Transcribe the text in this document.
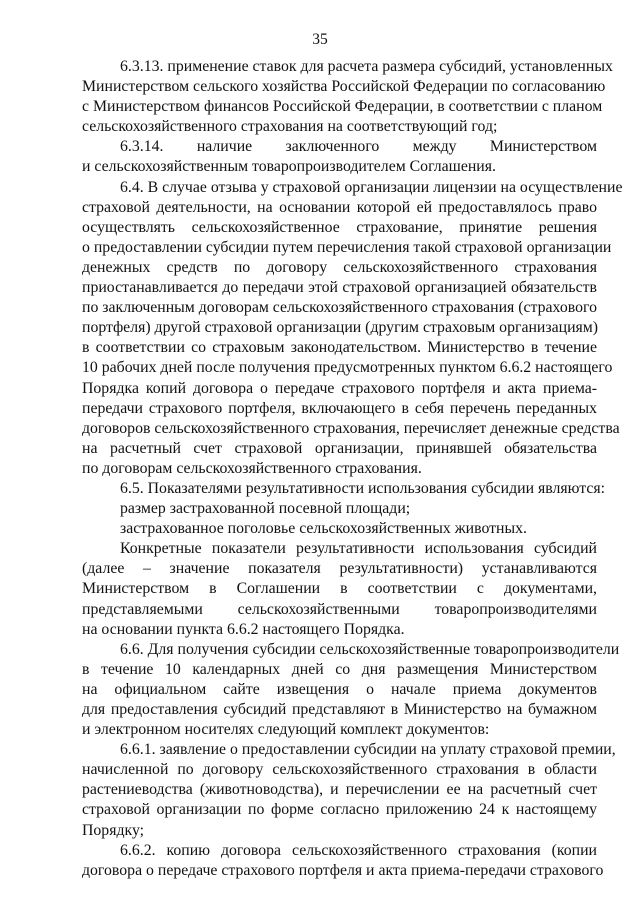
35
6.3.13. применение ставок для расчета размера субсидий, установленных
Министерством сельского хозяйства Российской Федерации по согласованию
с Министерством финансов Российской Федерации, в соответствии с планом
сельскохозяйственного страхования на соответствующий год;
6.3.14. наличие заключенного между Министерством
и сельскохозяйственным товаропроизводителем Соглашения.
6.4. В случае отзыва у страховой организации лицензии на осуществление
страховой деятельности, на основании которой ей предоставлялось право
осуществлять сельскохозяйственное страхование, принятие решения
о предоставлении субсидии путем перечисления такой страховой организации
денежных средств по договору сельскохозяйственного страхования
приостанавливается до передачи этой страховой организацией обязательств
по заключенным договорам сельскохозяйственного страхования (страхового
портфеля) другой страховой организации (другим страховым организациям)
в соответствии со страховым законодательством. Министерство в течение
10 рабочих дней после получения предусмотренных пунктом 6.6.2 настоящего
Порядка копий договора о передаче страхового портфеля и акта приема-
передачи страхового портфеля, включающего в себя перечень переданных
договоров сельскохозяйственного страхования, перечисляет денежные средства
на расчетный счет страховой организации, принявшей обязательства
по договорам сельскохозяйственного страхования.
6.5. Показателями результативности использования субсидии являются:
размер застрахованной посевной площади;
застрахованное поголовье сельскохозяйственных животных.
Конкретные показатели результативности использования субсидий
(далее – значение показателя результативности) устанавливаются
Министерством в Соглашении в соответствии с документами,
представляемыми сельскохозяйственными товаропроизводителями
на основании пункта 6.6.2 настоящего Порядка.
6.6. Для получения субсидии сельскохозяйственные товаропроизводители
в течение 10 календарных дней со дня размещения Министерством
на официальном сайте извещения о начале приема документов
для предоставления субсидий представляют в Министерство на бумажном
и электронном носителях следующий комплект документов:
6.6.1. заявление о предоставлении субсидии на уплату страховой премии,
начисленной по договору сельскохозяйственного страхования в области
растениеводства (животноводства), и перечислении ее на расчетный счет
страховой организации по форме согласно приложению 24 к настоящему
Порядку;
6.6.2. копию договора сельскохозяйственного страхования (копии
договора о передаче страхового портфеля и акта приема-передачи страхового
